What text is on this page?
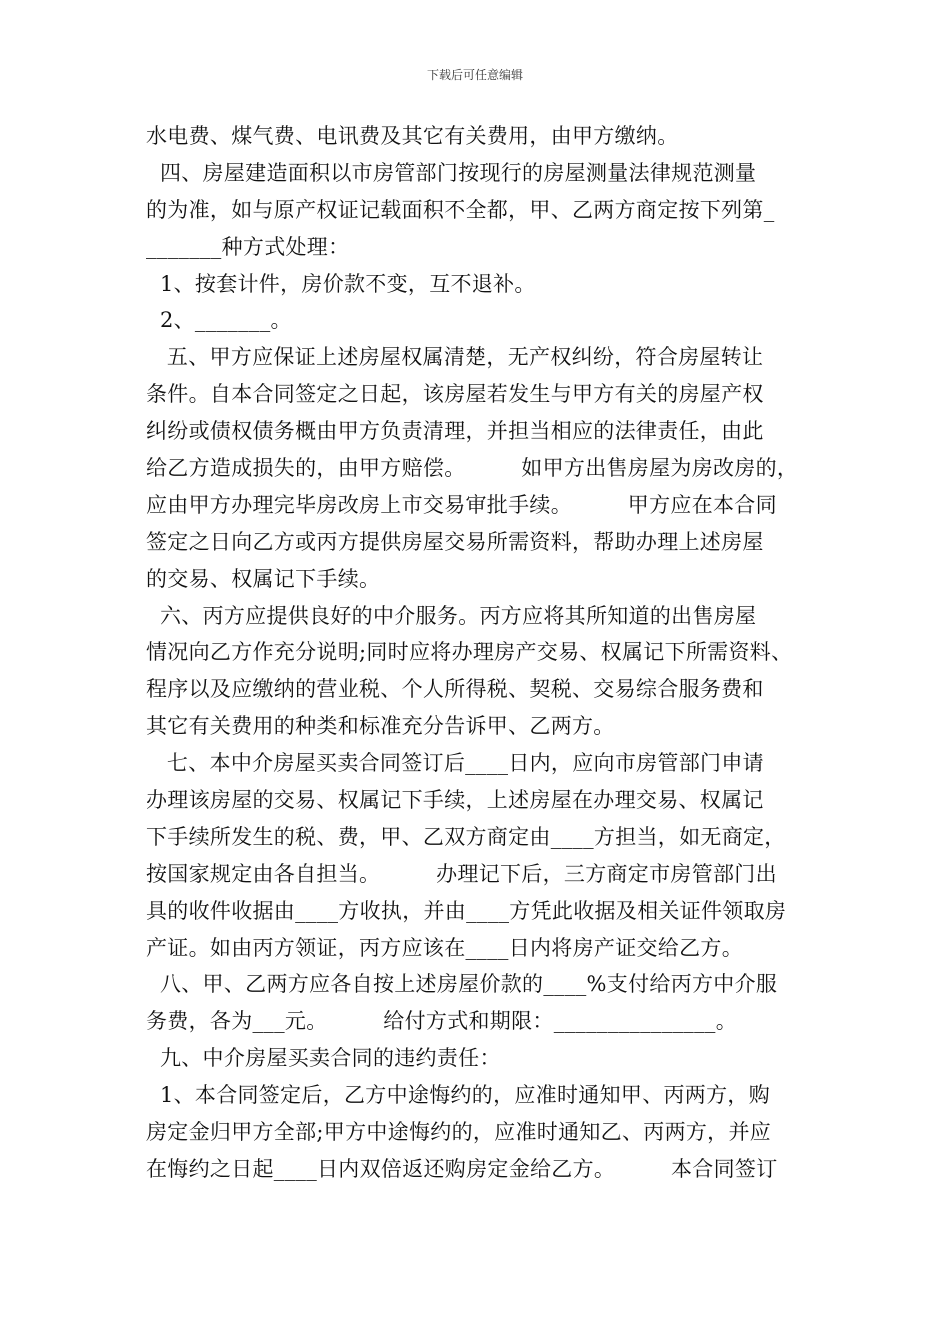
下载后可任意编辑
水电费、煤气费、电讯费及其它有关费用，由甲方缴纳。
四、房屋建造面积以市房管部门按现行的房屋测量法律规范测量
的为准，如与原产权证记载面积不全都，甲、乙两方商定按下列第_
_______种方式处理：
1、按套计件，房价款不变，互不退补。
2、_______。
五、甲方应保证上述房屋权属清楚，无产权纠纷，符合房屋转让
条件。自本合同签定之日起，该房屋若发生与甲方有关的房屋产权
纠纷或债权债务概由甲方负责清理，并担当相应的法律责任，由此
给乙方造成损失的，由甲方赔偿。        如甲方出售房屋为房改房的，
应由甲方办理完毕房改房上市交易审批手续。        甲方应在本合同
签定之日向乙方或丙方提供房屋交易所需资料，帮助办理上述房屋
的交易、权属记下手续。
六、丙方应提供良好的中介服务。丙方应将其所知道的出售房屋
情况向乙方作充分说明;同时应将办理房产交易、权属记下所需资料、
程序以及应缴纳的营业税、个人所得税、契税、交易综合服务费和
其它有关费用的种类和标准充分告诉甲、乙两方。
七、本中介房屋买卖合同签订后____日内，应向市房管部门申请
办理该房屋的交易、权属记下手续，上述房屋在办理交易、权属记
下手续所发生的税、费，甲、乙双方商定由____方担当，如无商定，
按国家规定由各自担当。        办理记下后，三方商定市房管部门出
具的收件收据由____方收执，并由____方凭此收据及相关证件领取房
产证。如由丙方领证，丙方应该在____日内将房产证交给乙方。
八、甲、乙两方应各自按上述房屋价款的____%支付给丙方中介服
务费，各为___元。        给付方式和期限：_______________。
九、中介房屋买卖合同的违约责任：
1、本合同签定后，乙方中途悔约的，应准时通知甲、丙两方，购
房定金归甲方全部;甲方中途悔约的，应准时通知乙、丙两方，并应
在悔约之日起____日内双倍返还购房定金给乙方。        本合同签订
